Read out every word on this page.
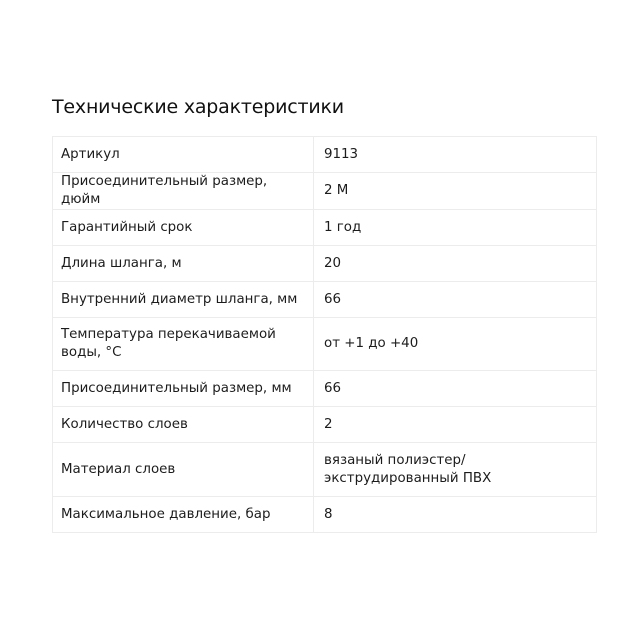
Технические характеристики
Артикул	9113
Присоединительный размер, дюйм	2 М
Гарантийный срок	1 год
Длина шланга, м	20
Внутренний диаметр шланга, мм	66
Температура перекачиваемой воды, °С	от +1 до +40
Присоединительный размер, мм	66
Количество слоев	2
Материал слоев	вязаный полиэстер/экструдированный ПВХ
Максимальное давление, бар	8
